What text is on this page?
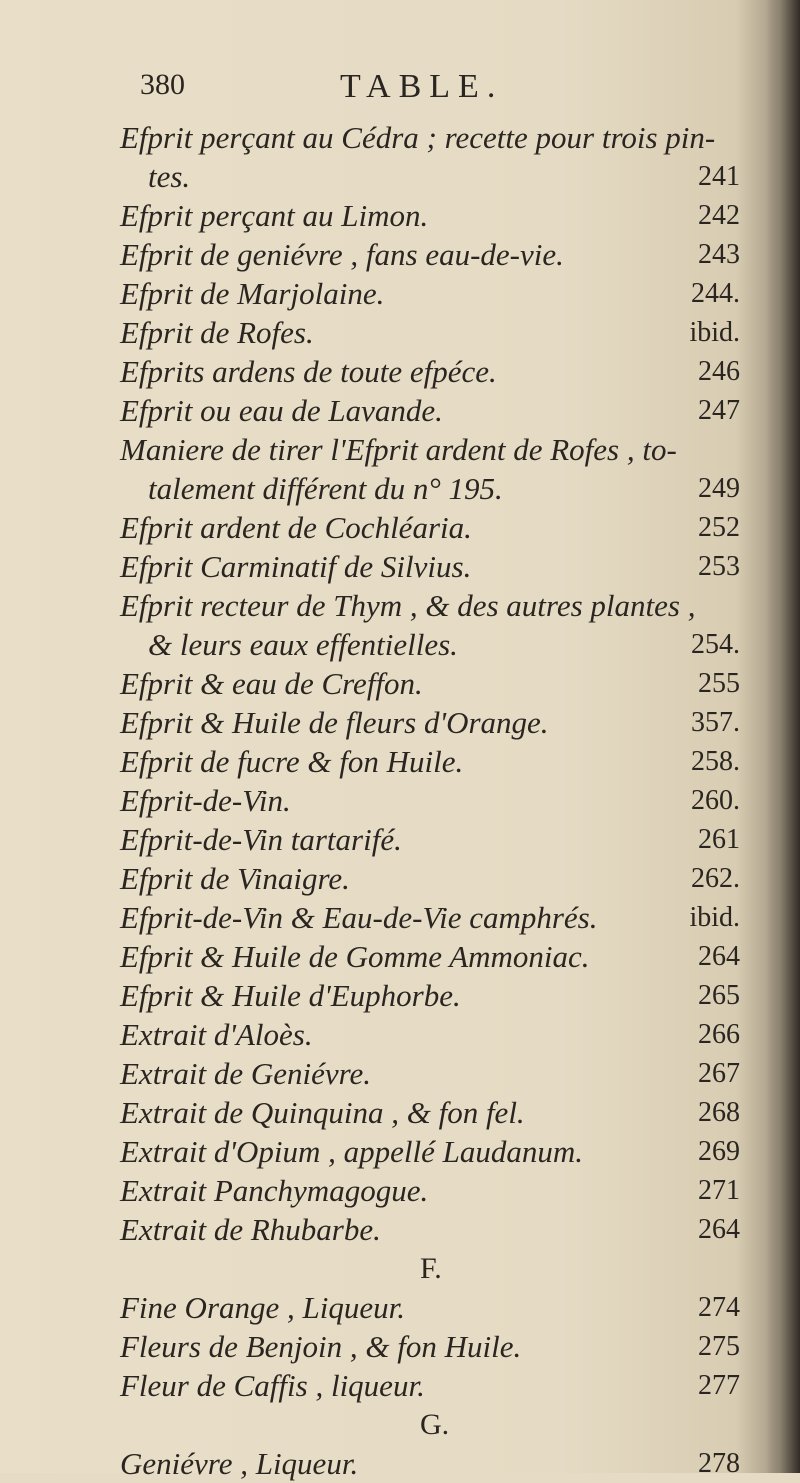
380	TABLE.
Efprit perçant au Cédra ; recette pour trois pin-
tes.	241
Efprit perçant au Limon.	242
Efprit de geniévre , fans eau-de-vie.	243
Efprit de Marjolaine.	244.
Efprit de Rofes.	ibid.
Efprits ardens de toute efpéce.	246
Efprit ou eau de Lavande.	247
Maniere de tirer l'Efprit ardent de Rofes , to-
talement différent du n° 195.	249
Efprit ardent de Cochléaria.	252
Efprit Carminatif de Silvius.	253
Efprit recteur de Thym , & des autres plantes ,
& leurs eaux effentielles.	254.
Efprit & eau de Creffon.	255
Efprit & Huile de fleurs d'Orange.	357.
Efprit de fucre & fon Huile.	258.
Efprit-de-Vin.	260.
Efprit-de-Vin tartarifé.	261
Efprit de Vinaigre.	262.
Efprit-de-Vin & Eau-de-Vie camphrés.	ibid.
Efprit & Huile de Gomme Ammoniac.	264
Efprit & Huile d'Euphorbe.	265
Extrait d'Aloès.	266
Extrait de Geniévre.	267
Extrait de Quinquina , & fon fel.	268
Extrait d'Opium , appellé Laudanum.	269
Extrait Panchymagogue.	271
Extrait de Rhubarbe.	264
F.
Fine Orange , Liqueur.	274
Fleurs de Benjoin , & fon Huile.	275
Fleur de Caffis , liqueur.	277
G.
Geniévre , Liqueur.	278
